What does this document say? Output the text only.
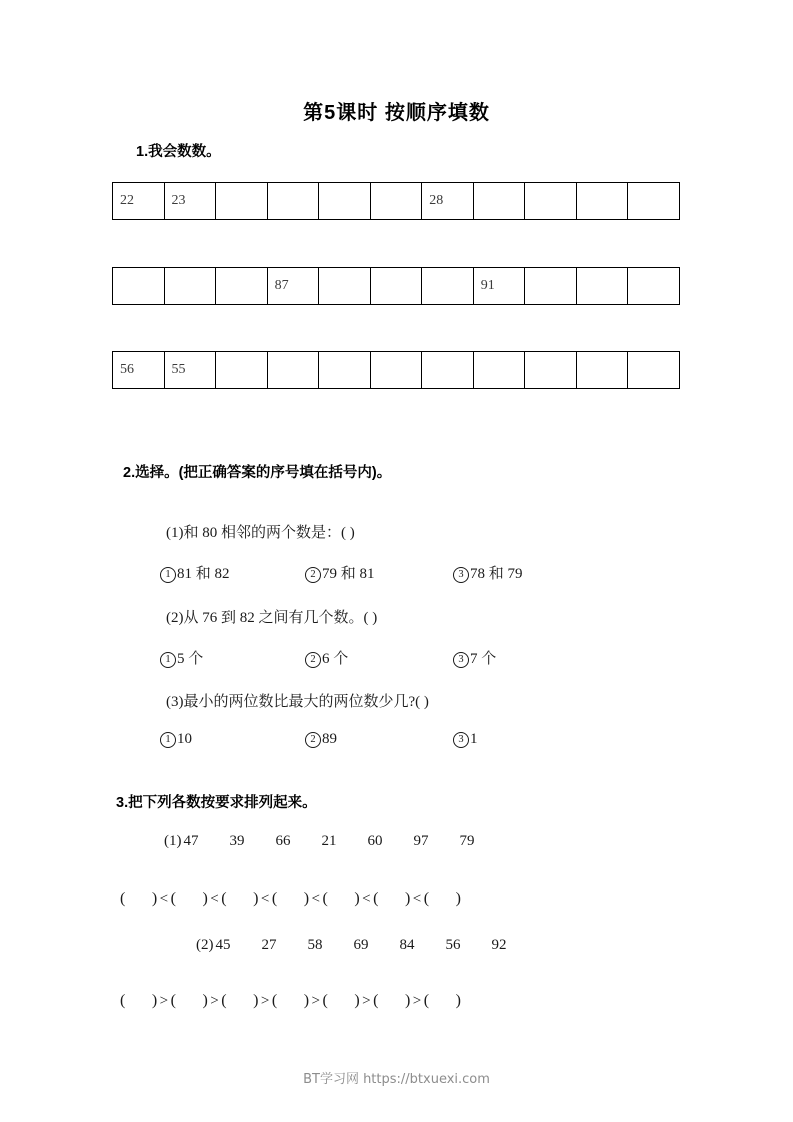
第5课时 按顺序填数
1.我会数数。
22	23					28				
			87				91			
56	55									
2.选择。(把正确答案的序号填在括号内)。
(1)和 80 相邻的两个数是：( )
1 81 和 82	2 79 和 81	3 78 和 79
(2)从 76 到 82 之间有几个数。( )
1 5 个	2 6 个	3 7 个
(3)最小的两位数比最大的两位数少几?( )
1 10	2 89	3 1
3.把下列各数按要求排列起来。
(1) 47 39 66 21 60 97 79
( ) < ( ) < ( ) < ( ) < ( ) < ( ) < ( )
(2) 45 27 58 69 84 56 92
( ) > ( ) > ( ) > ( ) > ( ) > ( ) > ( )
BT学习网 https://btxuexi.com
